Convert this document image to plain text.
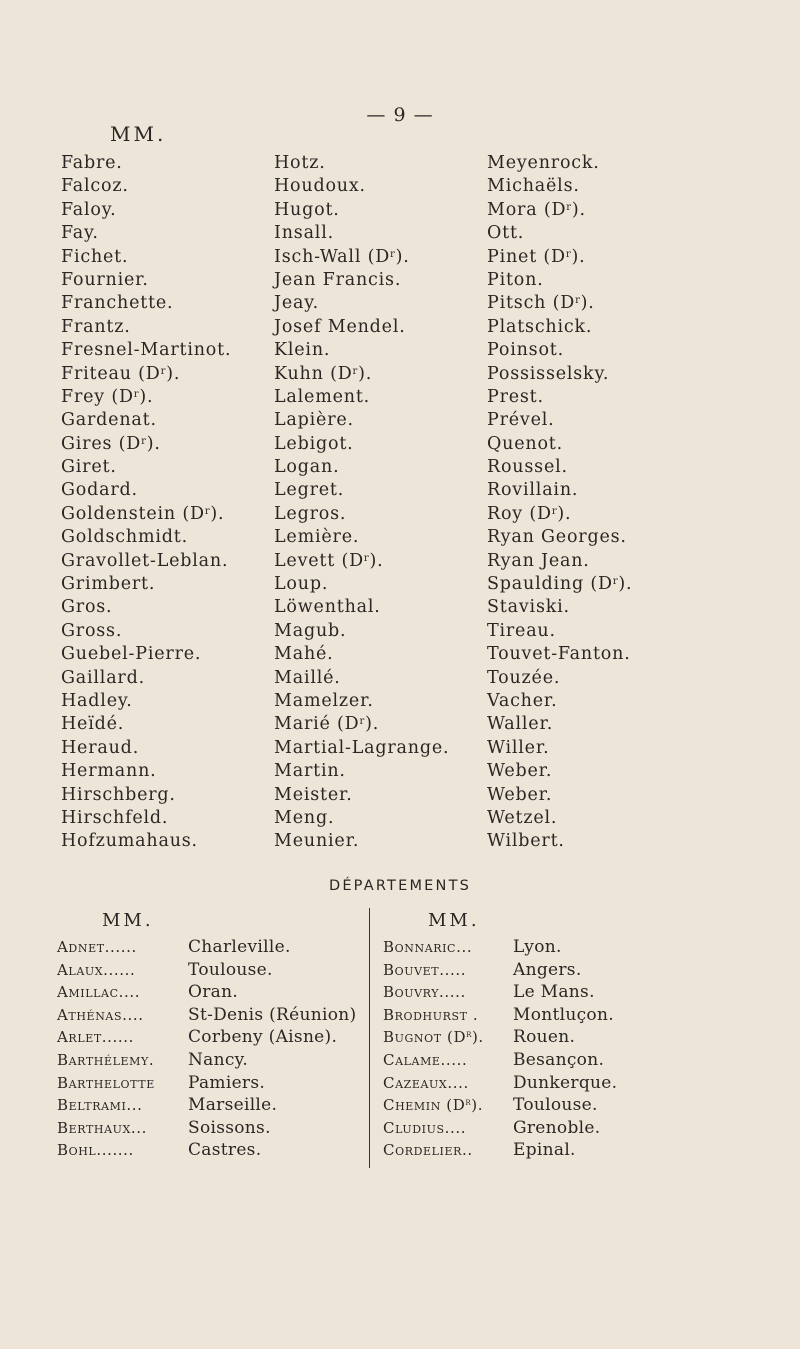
— 9 —
MM.
Fabre.
Falcoz.
Faloy.
Fay.
Fichet.
Fournier.
Franchette.
Frantz.
Fresnel-Martinot.
Friteau $(D^r)$.
Frey $(D^r)$.
Gardenat.
Gires $(D^r)$.
Giret.
Godard.
Goldenstein $(D^r)$.
Goldschmidt.
Gravollet-Leblan.
Grimbert.
Gros.
Gross.
Guebel-Pierre.
Gaillard.
Hadley.
Heïdé.
Heraud.
Hermann.
Hirschberg.
Hirschfeld.
Hofzumahaus.
Hotz.
Houdoux.
Hugot.
Insall.
Isch-Wall $(D^r)$.
Jean Francis.
Jeay.
Josef Mendel.
Klein.
Kuhn $(D^r)$.
Lalement.
Lapière.
Lebigot.
Logan.
Legret.
Legros.
Lemière.
Levett $(D^r)$.
Loup.
Löwenthal.
Magub.
Mahé.
Maillé.
Mamelzer.
Marié $(D^r)$.
Martial-Lagrange.
Martin.
Meister.
Meng.
Meunier.
Meyenrock.
Michaëls.
Mora $(D^r)$.
Ott.
Pinet $(D^r)$.
Piton.
Pitsch $(D^r)$.
Platschick.
Poinsot.
Possisselsky.
Prest.
Prével.
Quenot.
Roussel.
Rovillain.
Roy $(D^r)$.
Ryan Georges.
Ryan Jean.
Spaulding $(D^r)$.
Staviski.
Tireau.
Touvet-Fanton.
Touzée.
Vacher.
Waller.
Willer.
Weber.
Weber.
Wetzel.
Wilbert.
DÉPARTEMENTS
MM.	MM.
Adnet......	Charleville.
Alaux......	Toulouse.
Amillac....	Oran.
Athénas....	St-Denis (Réunion)
Arlet......	Corbeny (Aisne).
Barthélemy.	Nancy.
Barthelotte	Pamiers.
Beltrami...	Marseille.
Berthaux...	Soissons.
Bohl.......	Castres.
Bonnaric...	Lyon.
Bouvet.....	Angers.
Bouvry.....	Le Mans.
Brodhurst .	Montluçon.
Bugnot $(D^r)$.	Rouen.
Calame.....	Besançon.
Cazeaux....	Dunkerque.
Chemin $(D^r)$.	Toulouse.
Cludius....	Grenoble.
Cordelier..	Epinal.
